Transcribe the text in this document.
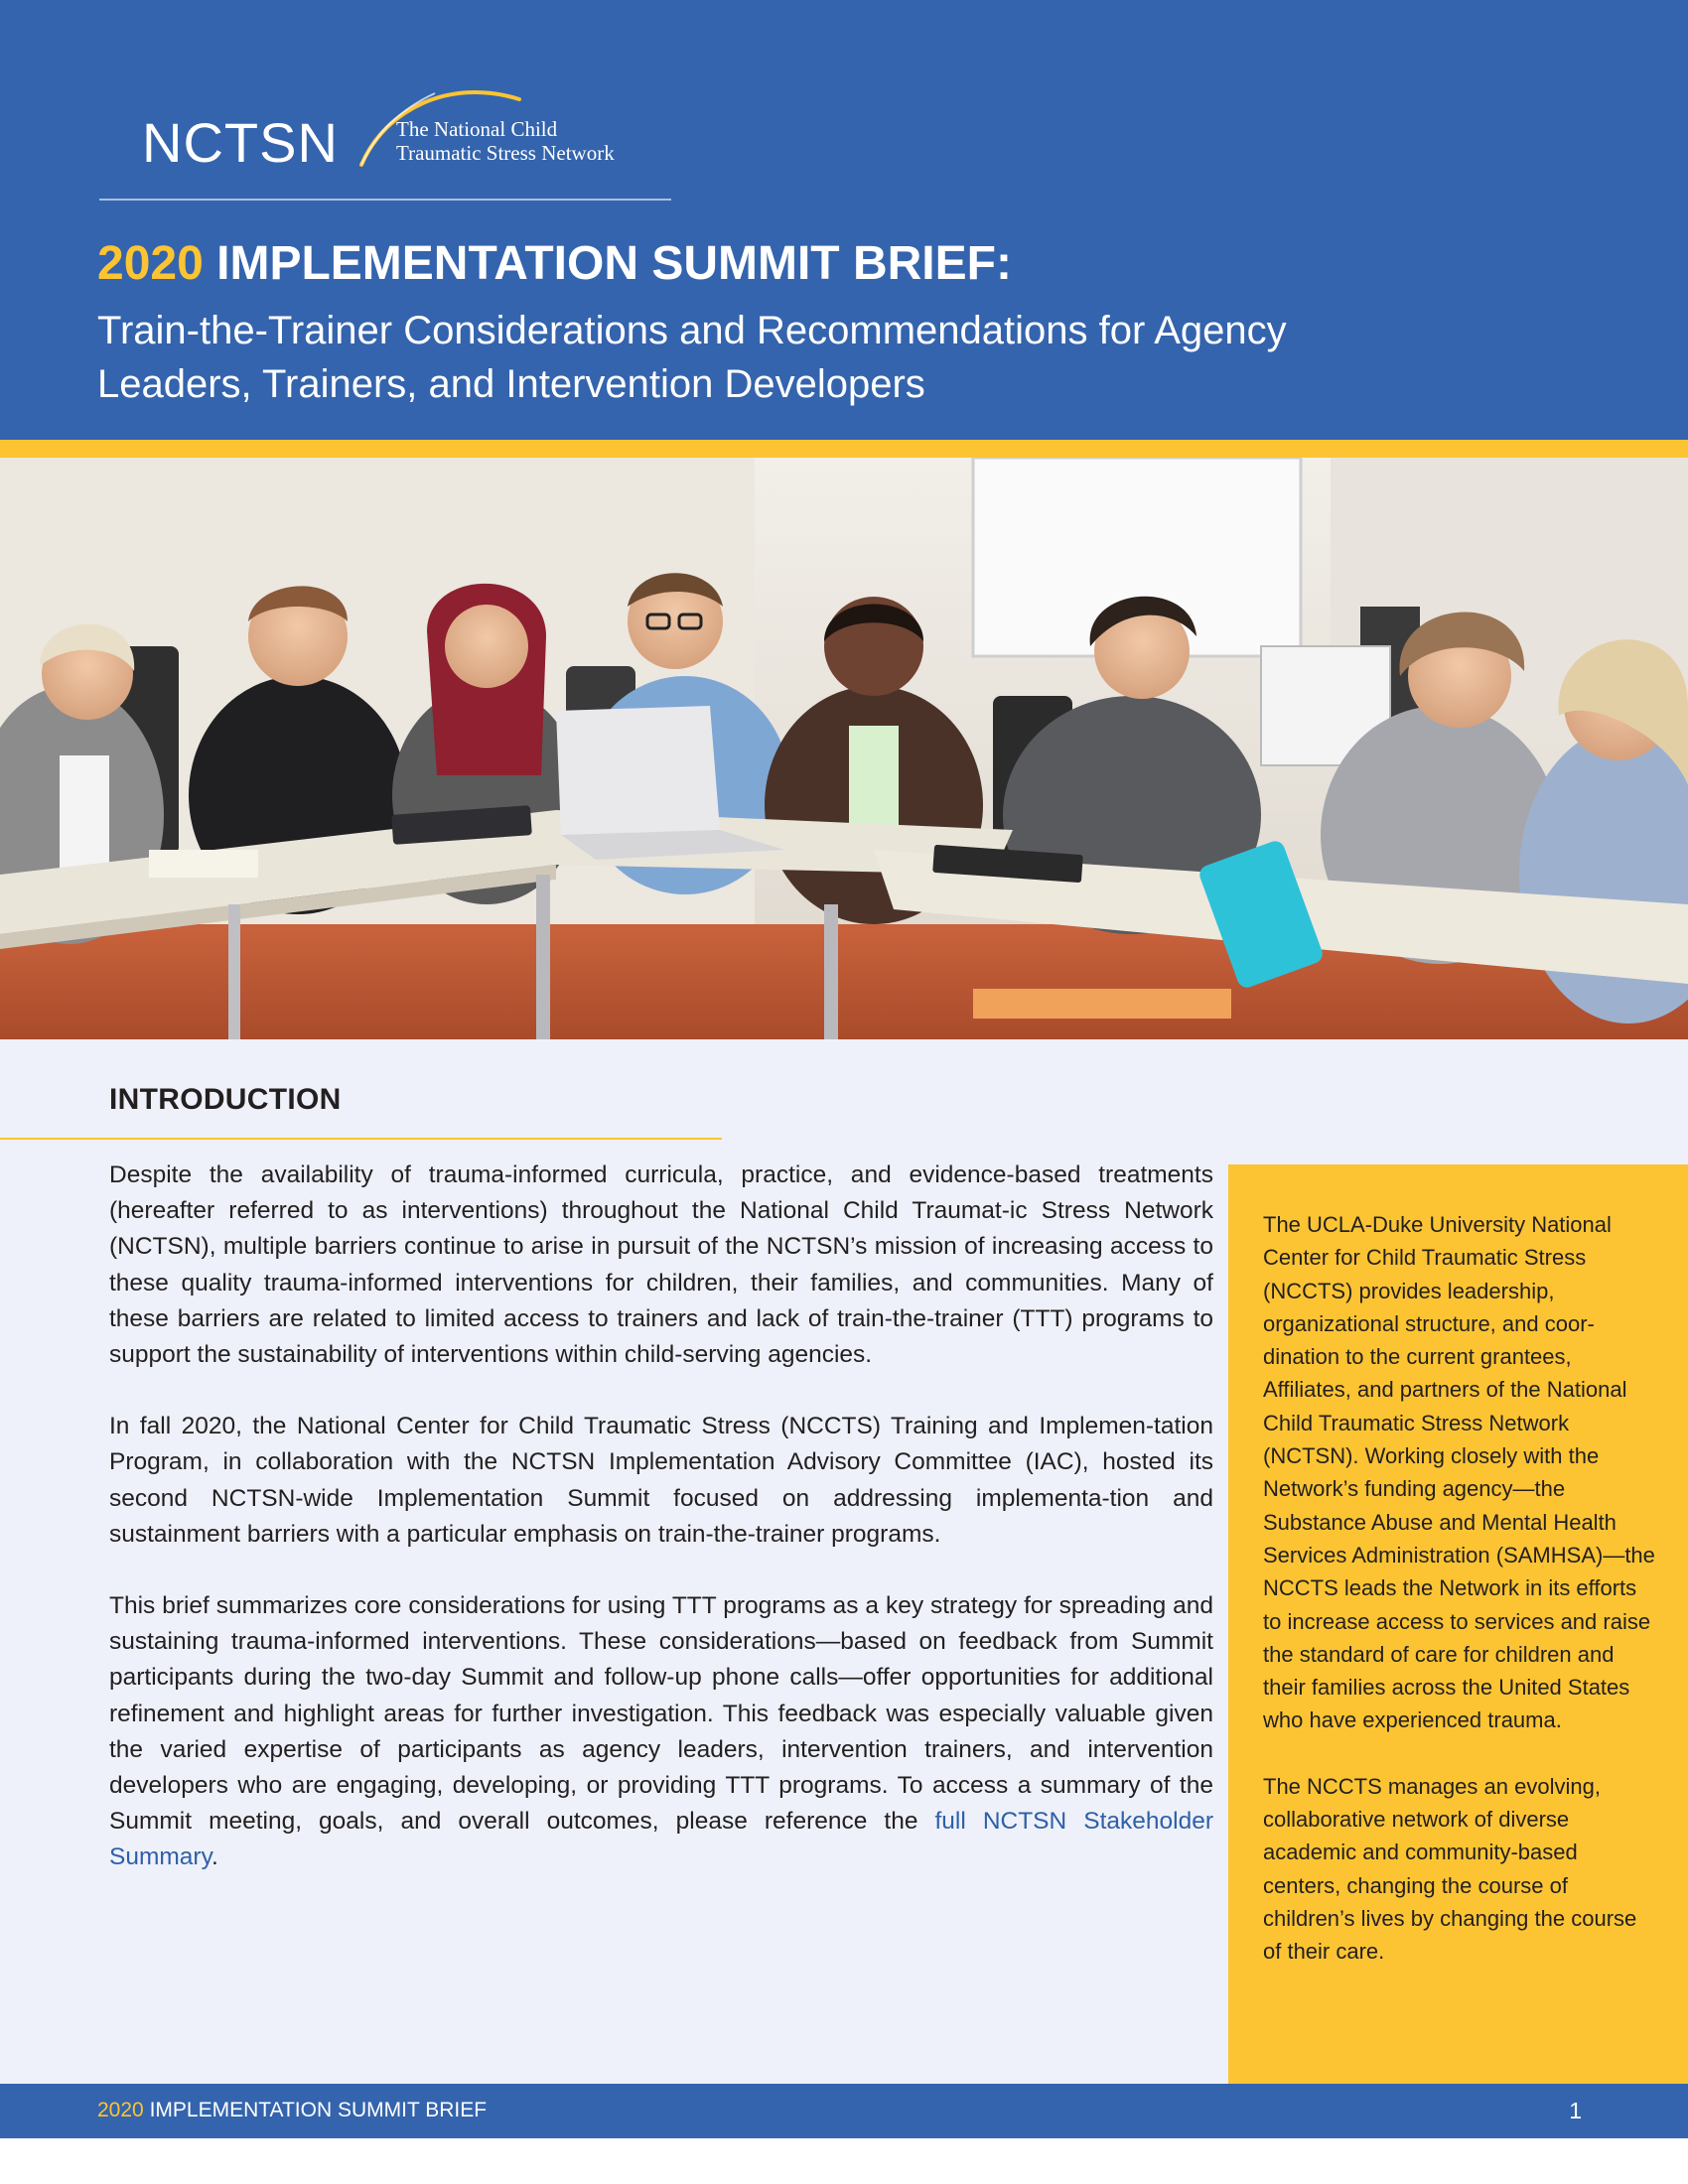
NCTSN	The National Child
Traumatic Stress Network
2020 IMPLEMENTATION SUMMIT BRIEF:
Train-the-Trainer Considerations and Recommendations for Agency
Leaders, Trainers, and Intervention Developers
INTRODUCTION

Despite the availability of trauma-informed curricula, practice, and evidence-based treatments (hereafter referred to as interventions) throughout the National Child Traumat-ic Stress Network (NCTSN), multiple barriers continue to arise in pursuit of the NCTSN’s mission of increasing access to these quality trauma-informed interventions for children, their families, and communities. Many of these barriers are related to limited access to trainers and lack of train-the-trainer (TTT) programs to support the sustainability of interventions within child-serving agencies.

In fall 2020, the National Center for Child Traumatic Stress (NCCTS) Training and Implemen-tation Program, in collaboration with the NCTSN Implementation Advisory Committee (IAC), hosted its second NCTSN-wide Implementation Summit focused on addressing implementa-tion and sustainment barriers with a particular emphasis on train-the-trainer programs.

This brief summarizes core considerations for using TTT programs as a key strategy for spreading and sustaining trauma-informed interventions. These considerations—based on feedback from Summit participants during the two-day Summit and follow-up phone calls—offer opportunities for additional refinement and highlight areas for further investigation. This feedback was especially valuable given the varied expertise of participants as agency leaders, intervention trainers, and intervention developers who are engaging, developing, or providing TTT programs. To access a summary of the Summit meeting, goals, and overall outcomes, please reference the full NCTSN Stakeholder Summary.

The UCLA-Duke University National Center for Child Traumatic Stress (NCCTS) provides leadership, organizational structure, and coor-dination to the current grantees, Affiliates, and partners of the National Child Traumatic Stress Network (NCTSN). Working closely with the Network’s funding agency—the Substance Abuse and Mental Health Services Administration (SAMHSA)—the NCCTS leads the Network in its efforts to increase access to services and raise the standard of care for children and their families across the United States who have experienced trauma.

The NCCTS manages an evolving, collaborative network of diverse academic and community-based centers, changing the course of children’s lives by changing the course of their care.

2020 IMPLEMENTATION SUMMIT BRIEF	1
